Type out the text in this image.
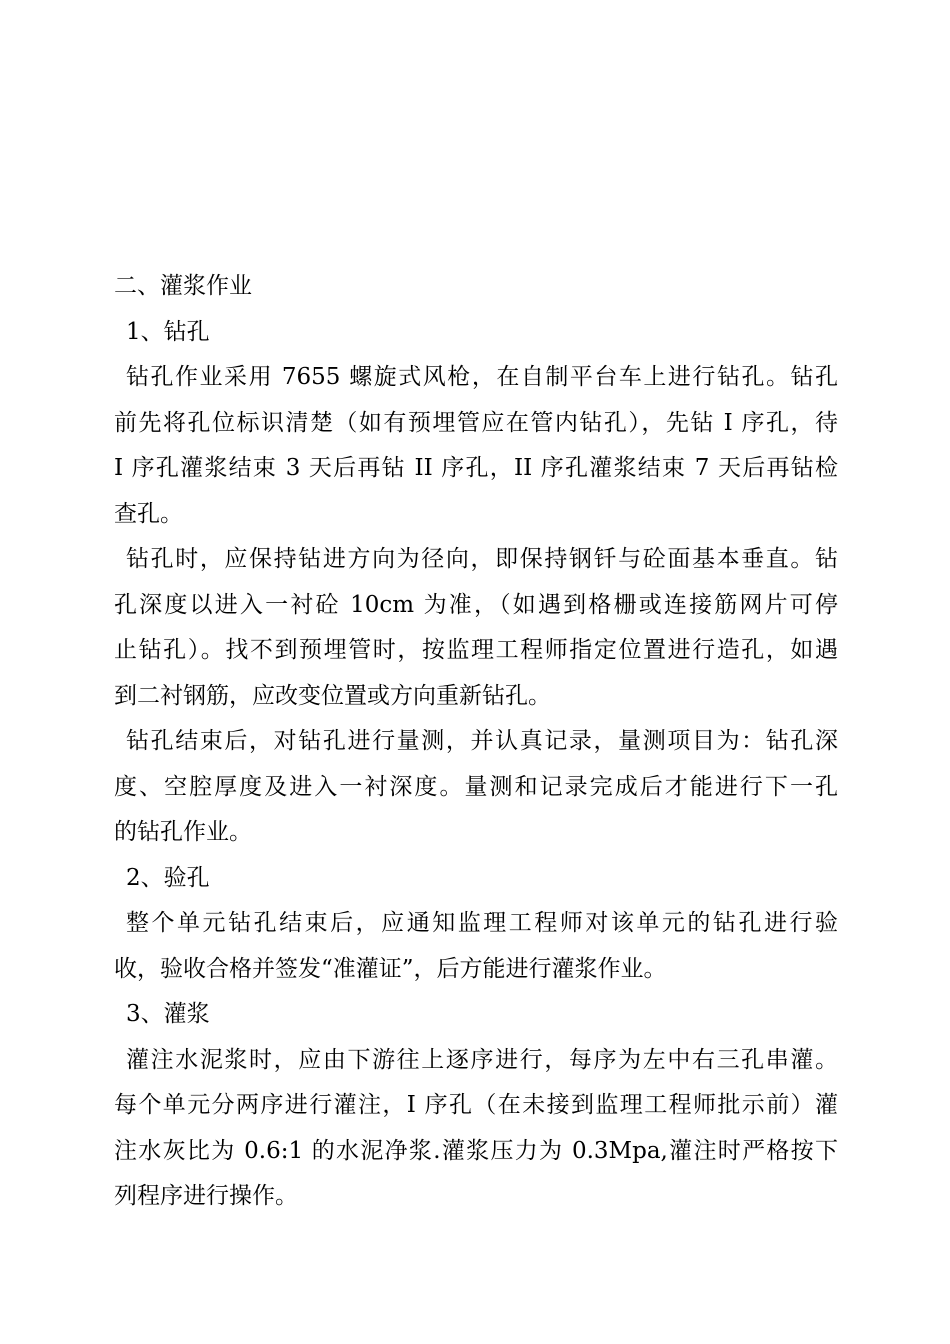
二、灌浆作业
1、钻孔
钻孔作业采用 7655 螺旋式风枪，在自制平台车上进行钻孔。钻孔
前先将孔位标识清楚（如有预埋管应在管内钻孔），先钻 I 序孔，待
I 序孔灌浆结束 3 天后再钻 II 序孔，II 序孔灌浆结束 7 天后再钻检
查孔。
钻孔时，应保持钻进方向为径向，即保持钢钎与砼面基本垂直。钻
孔深度以进入一衬砼 10cm 为准，（如遇到格栅或连接筋网片可停
止钻孔）。找不到预埋管时，按监理工程师指定位置进行造孔，如遇
到二衬钢筋，应改变位置或方向重新钻孔。
钻孔结束后，对钻孔进行量测，并认真记录，量测项目为：钻孔深
度、空腔厚度及进入一衬深度。量测和记录完成后才能进行下一孔
的钻孔作业。
2、验孔
整个单元钻孔结束后，应通知监理工程师对该单元的钻孔进行验
收，验收合格并签发“准灌证”，后方能进行灌浆作业。
3、灌浆
灌注水泥浆时，应由下游往上逐序进行，每序为左中右三孔串灌。
每个单元分两序进行灌注，I 序孔（在未接到监理工程师批示前）灌
注水灰比为 0.6:1 的水泥净浆.灌浆压力为 0.3Mpa,灌注时严格按下
列程序进行操作。
